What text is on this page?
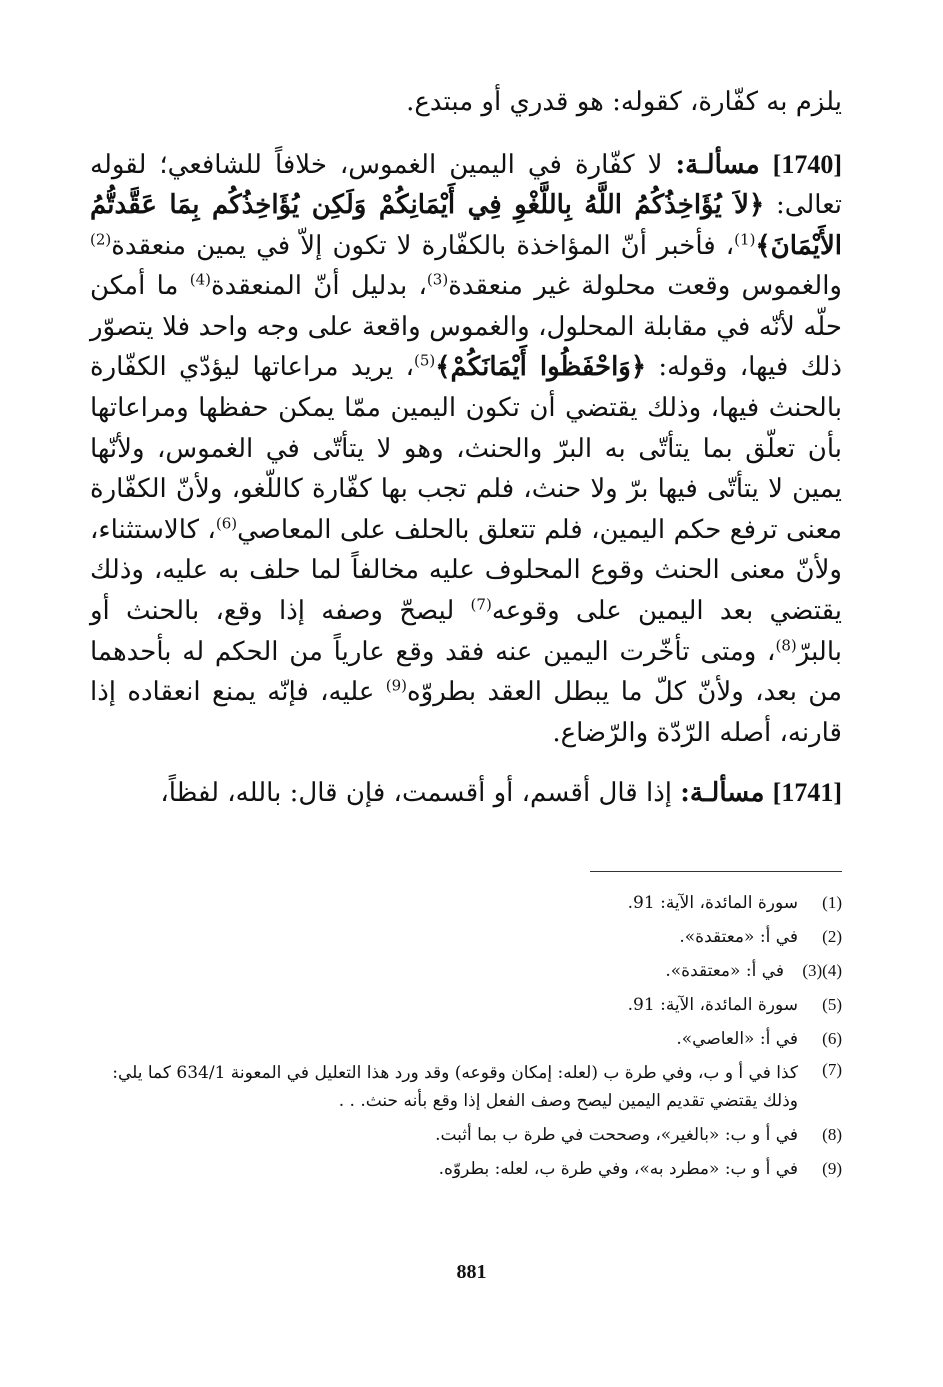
يلزم به كفّارة، كقوله: هو قدري أو مبتدع.
[1740] مسألـة: لا كفّارة في اليمين الغموس، خلافاً للشافعي؛ لقوله تعالى: ﴿لاَ يُؤَاخِذُكُمُ اللَّهُ بِاللَّغْوِ فِي أَيْمَانِكُمْ وَلَكِن يُؤَاخِذُكُم بِمَا عَقَّدتُّمُ الأَيْمَانَ﴾$^{(1)}$، فأخبر أنّ المؤاخذة بالكفّارة لا تكون إلاّ في يمين منعقدة$^{(2)}$ والغموس وقعت محلولة غير منعقدة$^{(3)}$، بدليل أنّ المنعقدة$^{(4)}$ ما أمكن حلّه لأنّه في مقابلة المحلول، والغموس واقعة على وجه واحد فلا يتصوّر ذلك فيها، وقوله: ﴿وَاحْفَظُوا أَيْمَانَكُمْ﴾$^{(5)}$، يريد مراعاتها ليؤدّي الكفّارة بالحنث فيها، وذلك يقتضي أن تكون اليمين ممّا يمكن حفظها ومراعاتها بأن تعلّق بما يتأتّى به البرّ والحنث، وهو لا يتأتّى في الغموس، ولأنّها يمين لا يتأتّى فيها برّ ولا حنث، فلم تجب بها كفّارة كاللّغو، ولأنّ الكفّارة معنى ترفع حكم اليمين، فلم تتعلق بالحلف على المعاصي$^{(6)}$، كالاستثناء، ولأنّ معنى الحنث وقوع المحلوف عليه مخالفاً لما حلف به عليه، وذلك يقتضي بعد اليمين على وقوعه$^{(7)}$ ليصحّ وصفه إذا وقع، بالحنث أو بالبرّ$^{(8)}$، ومتى تأخّرت اليمين عنه فقد وقع عارياً من الحكم له بأحدهما من بعد، ولأنّ كلّ ما يبطل العقد بطروّه$^{(9)}$ عليه، فإنّه يمنع انعقاده إذا قارنه، أصله الرّدّة والرّضاع.
[1741] مسألـة: إذا قال أقسم، أو أقسمت، فإن قال: بالله، لفظاً،
(1)
سورة المائدة، الآية: 91.
(2)
في أ: «معتقدة».
(3)(4)
في أ: «معتقدة».
(5)
سورة المائدة، الآية: 91.
(6)
في أ: «العاصي».
(7)
كذا في أ و ب، وفي طرة ب (لعله: إمكان وقوعه) وقد ورد هذا التعليل في المعونة 634/1 كما يلي: وذلك يقتضي تقديم اليمين ليصح وصف الفعل إذا وقع بأنه حنث. . .
(8)
في أ و ب: «بالغير»، وصححت في طرة ب بما أثبت.
(9)
في أ و ب: «مطرد به»، وفي طرة ب، لعله: بطروّه.
881
